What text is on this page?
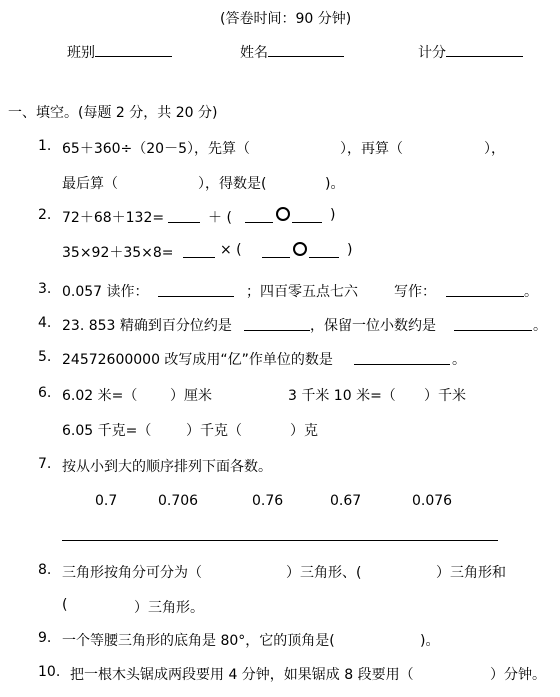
(答卷时间：90 分钟)
班别	姓名	计分
一、填空。(每题 2 分，共 20 分)
1. 65＋360÷（20－5），先算（	），再算（	），
最后算（	），得数是(	)。
2. 72＋68＋132=	＋ (	)
35×92＋35×8=	× (	)
3. 0.057 读作：	；四百零五点七六	写作：	。
4. 23. 853 精确到百分位约是	，保留一位小数约是	。
5. 24572600000 改写成用“亿”作单位的数是	。
6. 6.02 米=（ ）厘米	3 千米 10 米=（ ）千米
6.05 千克=（ ）千克（	）克
7. 按从小到大的顺序排列下面各数。
0.7	0.706	0.76	0.67	0.076
8. 三角形按角分可分为（	）三角形、(	）三角形和
(	）三角形。
9. 一个等腰三角形的底角是 80°，它的顶角是(	)。
10. 把一根木头锯成两段要用 4 分钟，如果锯成 8 段要用（	）分钟。
